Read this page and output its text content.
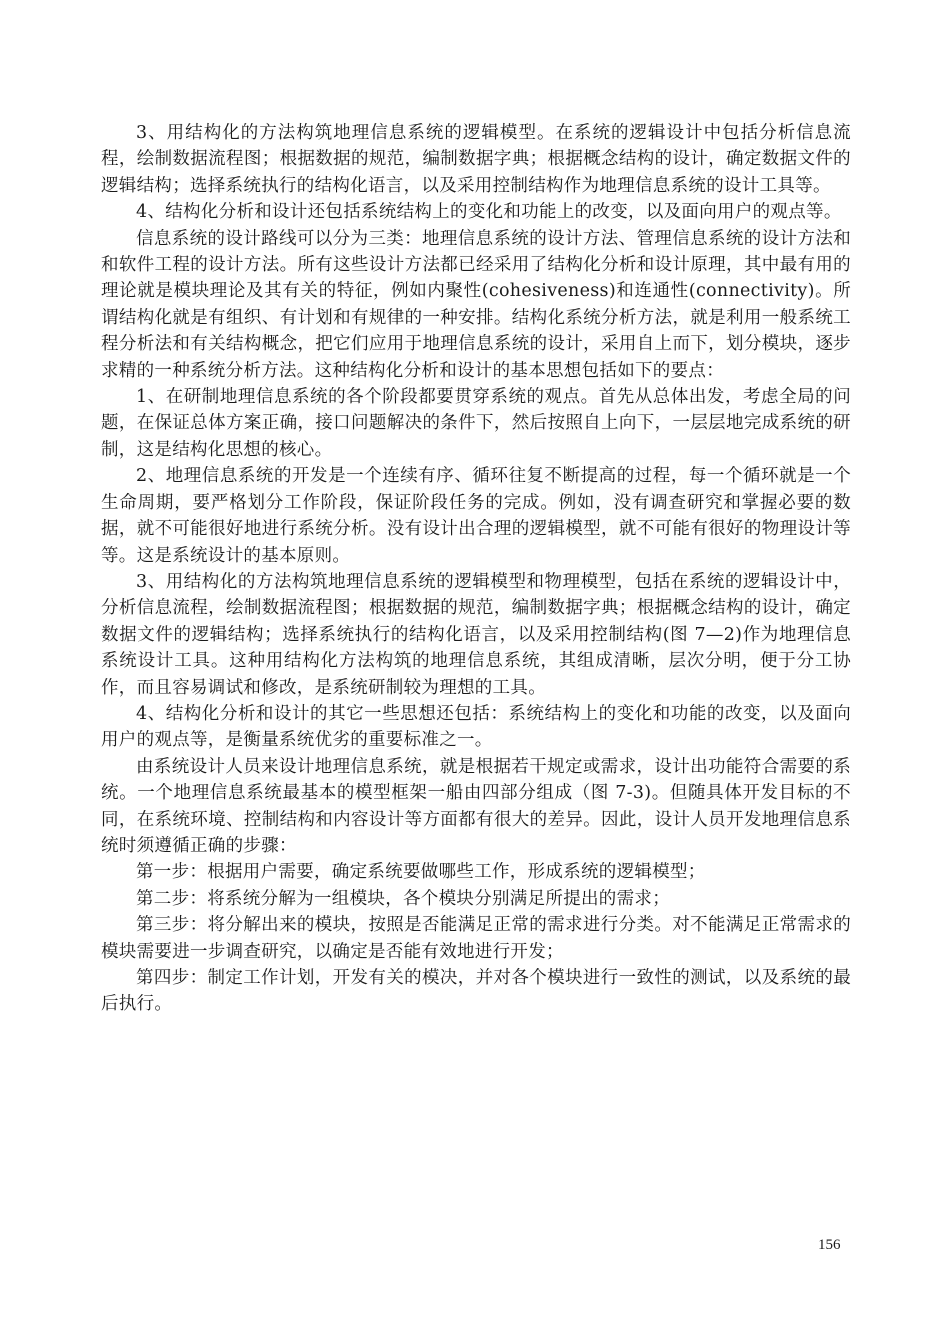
3、用结构化的方法构筑地理信息系统的逻辑模型。在系统的逻辑设计中包括分析信息流程，绘制数据流程图；根据数据的规范，编制数据字典；根据概念结构的设计，确定数据文件的逻辑结构；选择系统执行的结构化语言，以及采用控制结构作为地理信息系统的设计工具等。

4、结构化分析和设计还包括系统结构上的变化和功能上的改变，以及面向用户的观点等。

信息系统的设计路线可以分为三类：地理信息系统的设计方法、管理信息系统的设计方法和和软件工程的设计方法。所有这些设计方法都已经采用了结构化分析和设计原理，其中最有用的理论就是模块理论及其有关的特征，例如内聚性(cohesiveness)和连通性(connectivity)。所谓结构化就是有组织、有计划和有规律的一种安排。结构化系统分析方法，就是利用一般系统工程分析法和有关结构概念，把它们应用于地理信息系统的设计，采用自上而下，划分模块，逐步求精的一种系统分析方法。这种结构化分析和设计的基本思想包括如下的要点：

1、在研制地理信息系统的各个阶段都要贯穿系统的观点。首先从总体出发，考虑全局的问题，在保证总体方案正确，接口问题解决的条件下，然后按照自上向下，一层层地完成系统的研制，这是结构化思想的核心。

2、地理信息系统的开发是一个连续有序、循环往复不断提高的过程，每一个循环就是一个生命周期，要严格划分工作阶段，保证阶段任务的完成。例如，没有调查研究和掌握必要的数据，就不可能很好地进行系统分析。没有设计出合理的逻辑模型，就不可能有很好的物理设计等等。这是系统设计的基本原则。

3、用结构化的方法构筑地理信息系统的逻辑模型和物理模型，包括在系统的逻辑设计中，分析信息流程，绘制数据流程图；根据数据的规范，编制数据字典；根据概念结构的设计，确定数据文件的逻辑结构；选择系统执行的结构化语言，以及采用控制结构(图 7—2)作为地理信息系统设计工具。这种用结构化方法构筑的地理信息系统，其组成清晰，层次分明，便于分工协作，而且容易调试和修改，是系统研制较为理想的工具。

4、结构化分析和设计的其它一些思想还包括：系统结构上的变化和功能的改变，以及面向用户的观点等，是衡量系统优劣的重要标准之一。

由系统设计人员来设计地理信息系统，就是根据若干规定或需求，设计出功能符合需要的系统。一个地理信息系统最基本的模型框架一船由四部分组成（图 7-3)。但随具体开发目标的不同，在系统环境、控制结构和内容设计等方面都有很大的差异。因此，设计人员开发地理信息系统时须遵循正确的步骤：

第一步：根据用户需要，确定系统要做哪些工作，形成系统的逻辑模型；

第二步：将系统分解为一组模块，各个模块分别满足所提出的需求；

第三步：将分解出来的模块，按照是否能满足正常的需求进行分类。对不能满足正常需求的模块需要进一步调查研究，以确定是否能有效地进行开发；

第四步：制定工作计划，开发有关的模决，并对各个模块进行一致性的测试，以及系统的最后执行。

156
